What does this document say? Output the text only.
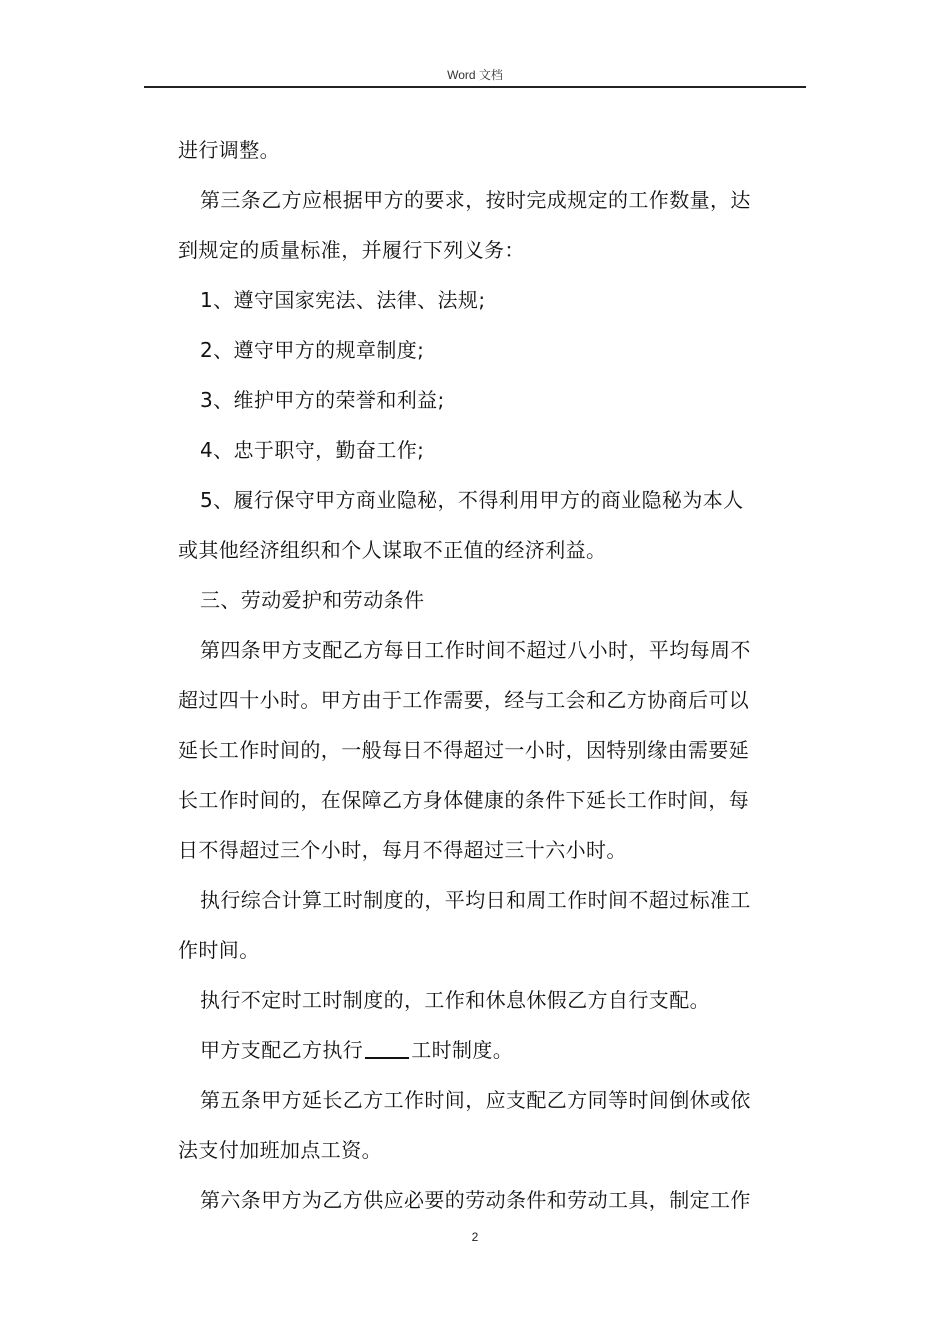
Word 文档

进行调整。

第三条乙方应根据甲方的要求，按时完成规定的工作数量，达

到规定的质量标准，并履行下列义务：

1、遵守国家宪法、法律、法规;

2、遵守甲方的规章制度;

3、维护甲方的荣誉和利益;

4、忠于职守，勤奋工作;

5、履行保守甲方商业隐秘，不得利用甲方的商业隐秘为本人

或其他经济组织和个人谋取不正值的经济利益。

三、劳动爱护和劳动条件

第四条甲方支配乙方每日工作时间不超过八小时，平均每周不

超过四十小时。甲方由于工作需要，经与工会和乙方协商后可以

延长工作时间的，一般每日不得超过一小时，因特别缘由需要延

长工作时间的，在保障乙方身体健康的条件下延长工作时间，每

日不得超过三个小时，每月不得超过三十六小时。

执行综合计算工时制度的，平均日和周工作时间不超过标准工

作时间。

执行不定时工时制度的，工作和休息休假乙方自行支配。

甲方支配乙方执行 工时制度。

第五条甲方延长乙方工作时间，应支配乙方同等时间倒休或依

法支付加班加点工资。

第六条甲方为乙方供应必要的劳动条件和劳动工具，制定工作

2
